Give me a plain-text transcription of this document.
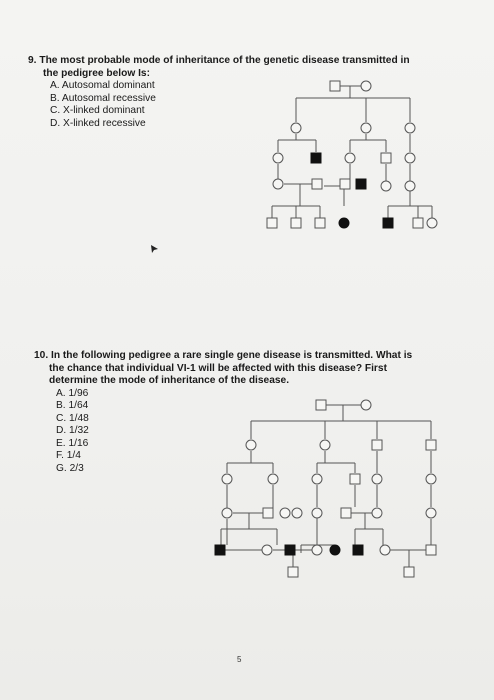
9. The most probable mode of inheritance of the genetic disease transmitted in
the pedigree below Is:
A. Autosomal dominant
B. Autosomal recessive
C. X-linked dominant
D. X-linked recessive
10. In the following pedigree a rare single gene disease is transmitted. What is
the chance that individual VI-1 will be affected with this disease? First
determine the mode of inheritance of the disease.
A. 1/96
B. 1/64
C. 1/48
D. 1/32
E. 1/16
F. 1/4
G. 2/3
5
